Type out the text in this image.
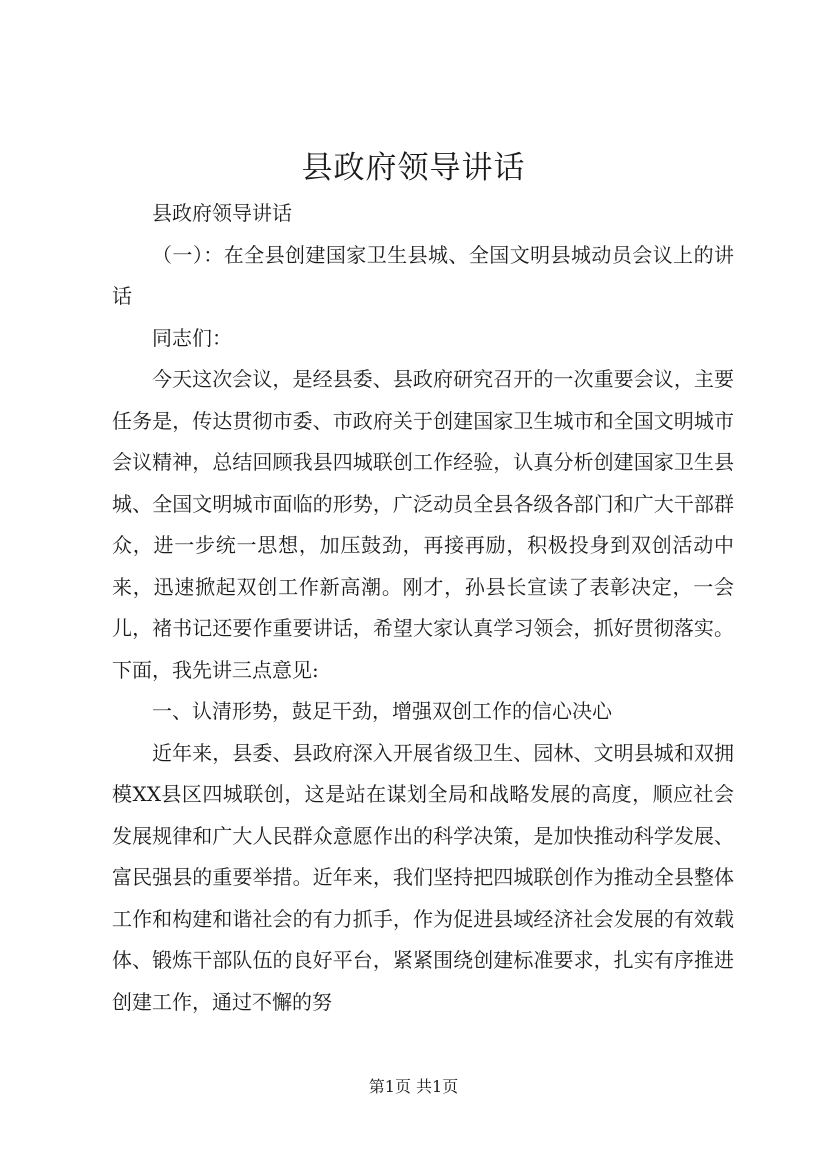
县政府领导讲话

县政府领导讲话

（一）：在全县创建国家卫生县城、全国文明县城动员会议上的讲话

同志们：

今天这次会议，是经县委、县政府研究召开的一次重要会议，主要任务是，传达贯彻市委、市政府关于创建国家卫生城市和全国文明城市会议精神，总结回顾我县四城联创工作经验，认真分析创建国家卫生县城、全国文明城市面临的形势，广泛动员全县各级各部门和广大干部群众，进一步统一思想，加压鼓劲，再接再励，积极投身到双创活动中来，迅速掀起双创工作新高潮。刚才，孙县长宣读了表彰决定，一会儿，褚书记还要作重要讲话，希望大家认真学习领会，抓好贯彻落实。下面，我先讲三点意见:

一、认清形势，鼓足干劲，增强双创工作的信心决心

近年来，县委、县政府深入开展省级卫生、园林、文明县城和双拥模XX县区四城联创，这是站在谋划全局和战略发展的高度，顺应社会发展规律和广大人民群众意愿作出的科学决策，是加快推动科学发展、富民强县的重要举措。近年来，我们坚持把四城联创作为推动全县整体工作和构建和谐社会的有力抓手，作为促进县域经济社会发展的有效载体、锻炼干部队伍的良好平台，紧紧围绕创建标准要求，扎实有序推进创建工作，通过不懈的努

第1页 共1页
